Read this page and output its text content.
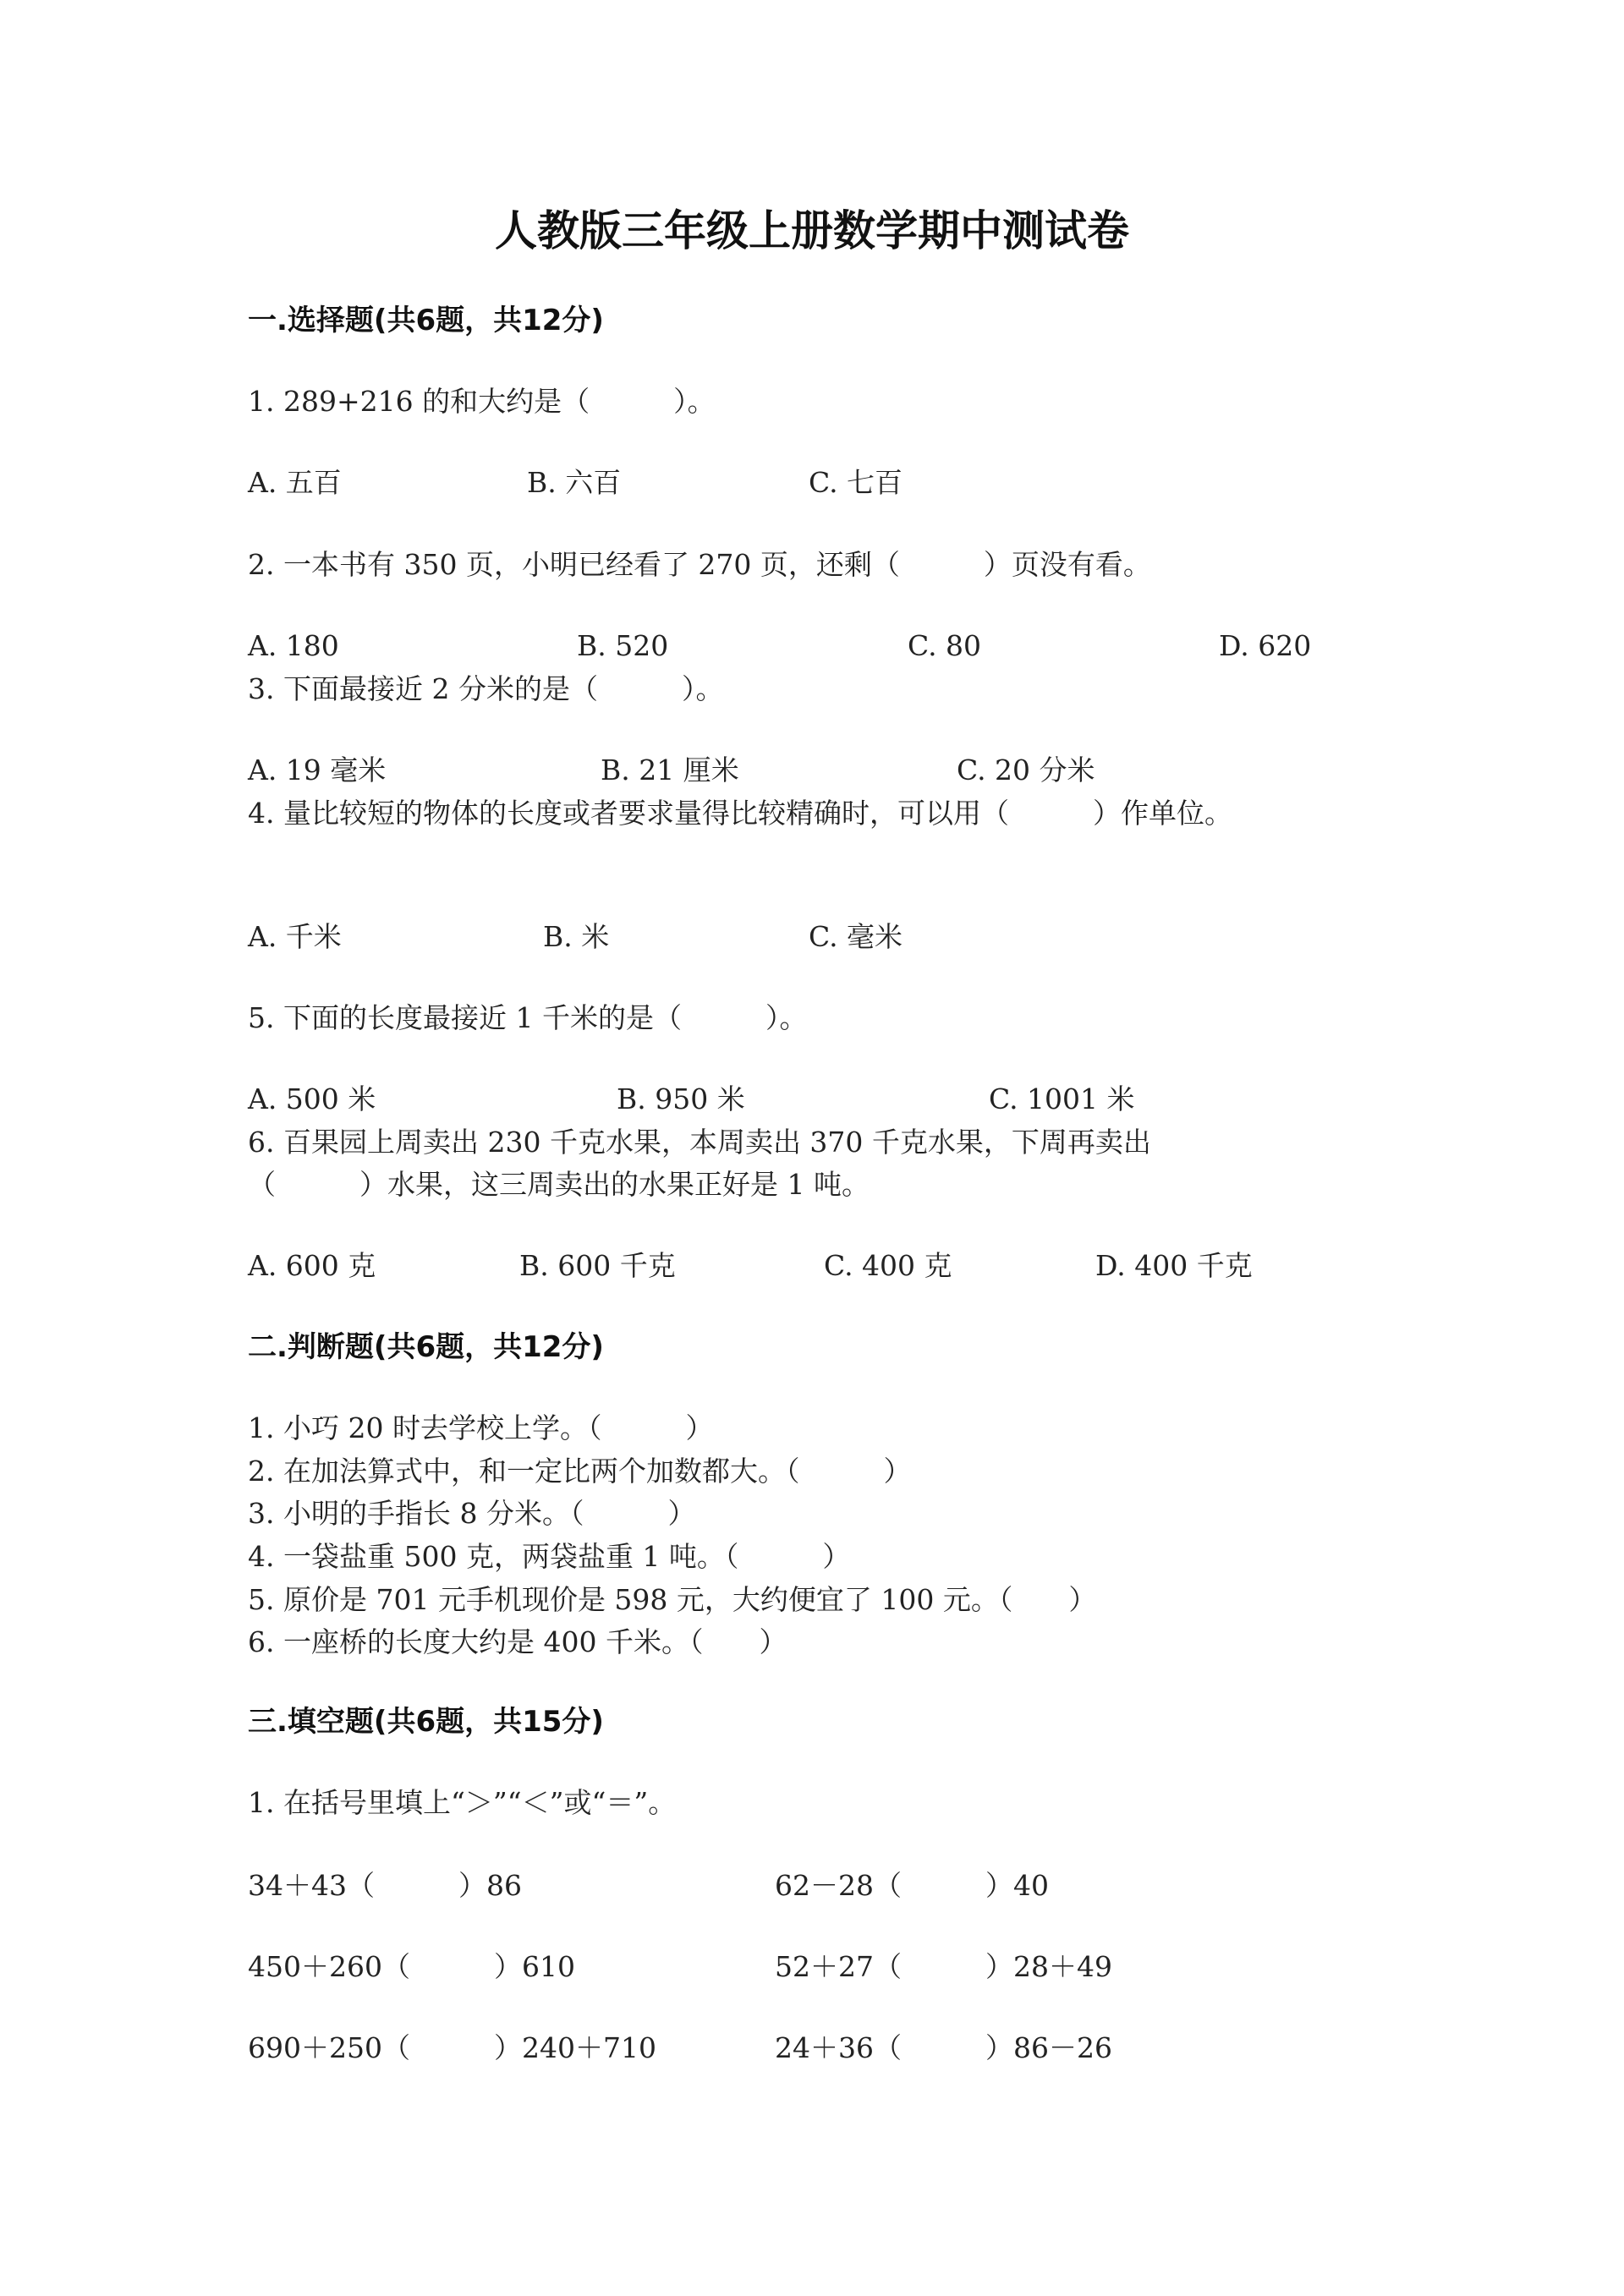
人教版三年级上册数学期中测试卷
一.选择题(共6题，共12分)
1. 289+216 的和大约是（　　　）。
A. 五百	B. 六百	C. 七百
2. 一本书有 350 页，小明已经看了 270 页，还剩（　　　）页没有看。
A. 180	B. 520	C. 80	D. 620
3. 下面最接近 2 分米的是（　　　）。
A. 19 毫米	B. 21 厘米	C. 20 分米
4. 量比较短的物体的长度或者要求量得比较精确时，可以用（　　　）作单位。
A. 千米	B. 米	C. 毫米
5. 下面的长度最接近 1 千米的是（　　　）。
A. 500 米	B. 950 米	C. 1001 米
6. 百果园上周卖出 230 千克水果，本周卖出 370 千克水果，下周再卖出
（　　　）水果，这三周卖出的水果正好是 1 吨。
A. 600 克	B. 600 千克	C. 400 克	D. 400 千克
二.判断题(共6题，共12分)
1. 小巧 20 时去学校上学。（　　　）
2. 在加法算式中，和一定比两个加数都大。（　　　）
3. 小明的手指长 8 分米。（　　　）
4. 一袋盐重 500 克，两袋盐重 1 吨。（　　　）
5. 原价是 701 元手机现价是 598 元，大约便宜了 100 元。（　　）
6. 一座桥的长度大约是 400 千米。（　　）
三.填空题(共6题，共15分)
1. 在括号里填上“＞”“＜”或“＝”。
34＋43（　　　）86	62－28（　　　）40
450＋260（　　　）610	52＋27（　　　）28＋49
690＋250（　　　）240＋710	24＋36（　　　）86－26
